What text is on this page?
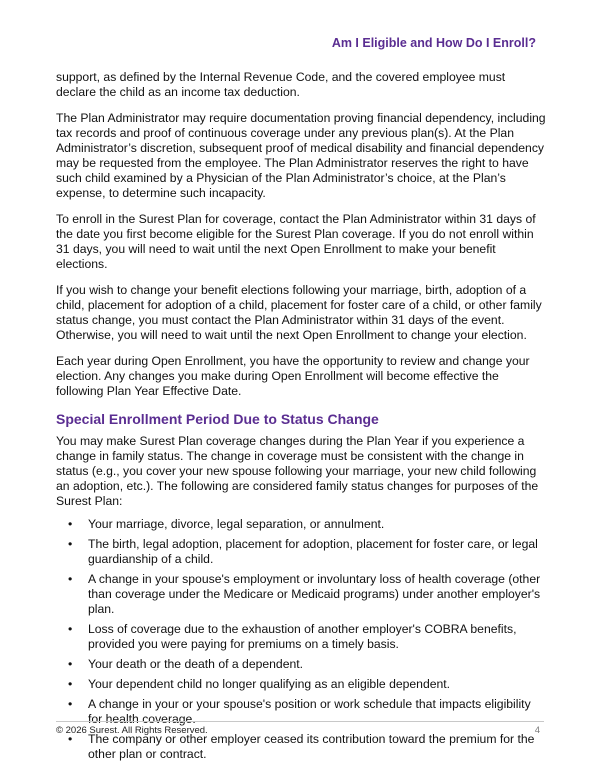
Am I Eligible and How Do I Enroll?

support, as defined by the Internal Revenue Code, and the covered employee must declare the child as an income tax deduction.

The Plan Administrator may require documentation proving financial dependency, including tax records and proof of continuous coverage under any previous plan(s). At the Plan Administrator’s discretion, subsequent proof of medical disability and financial dependency may be requested from the employee. The Plan Administrator reserves the right to have such child examined by a Physician of the Plan Administrator’s choice, at the Plan’s expense, to determine such incapacity.

To enroll in the Surest Plan for coverage, contact the Plan Administrator within 31 days of the date you first become eligible for the Surest Plan coverage. If you do not enroll within 31 days, you will need to wait until the next Open Enrollment to make your benefit elections.

If you wish to change your benefit elections following your marriage, birth, adoption of a child, placement for adoption of a child, placement for foster care of a child, or other family status change, you must contact the Plan Administrator within 31 days of the event. Otherwise, you will need to wait until the next Open Enrollment to change your election.

Each year during Open Enrollment, you have the opportunity to review and change your election. Any changes you make during Open Enrollment will become effective the following Plan Year Effective Date.

Special Enrollment Period Due to Status Change

You may make Surest Plan coverage changes during the Plan Year if you experience a change in family status. The change in coverage must be consistent with the change in status (e.g., you cover your new spouse following your marriage, your new child following an adoption, etc.). The following are considered family status changes for purposes of the Surest Plan:

• Your marriage, divorce, legal separation, or annulment.
• The birth, legal adoption, placement for adoption, placement for foster care, or legal guardianship of a child.
• A change in your spouse's employment or involuntary loss of health coverage (other than coverage under the Medicare or Medicaid programs) under another employer's plan.
• Loss of coverage due to the exhaustion of another employer's COBRA benefits, provided you were paying for premiums on a timely basis.
• Your death or the death of a dependent.
• Your dependent child no longer qualifying as an eligible dependent.
• A change in your or your spouse's position or work schedule that impacts eligibility for health coverage.
• The company or other employer ceased its contribution toward the premium for the other plan or contract.
© 2026 Surest. All Rights Reserved.	4
